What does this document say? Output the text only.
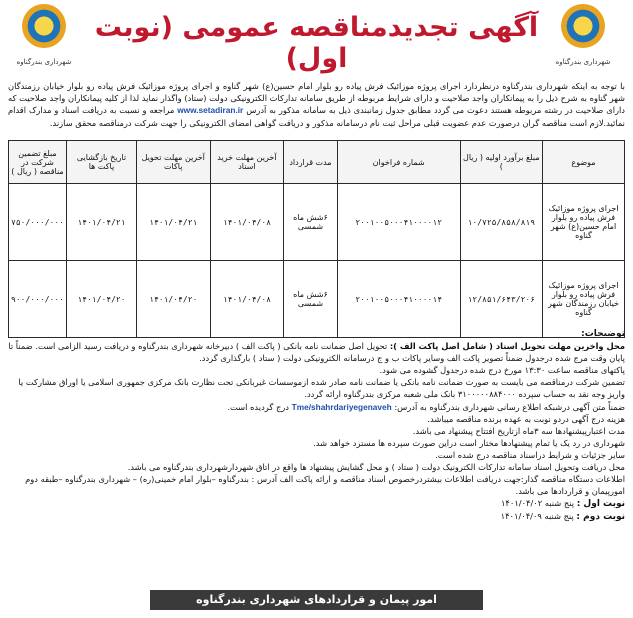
شهرداری بندرگناوه
شهرداری بندرگناوه
آگهی تجدیدمناقصه عمومی (نوبت اول)
با توجه به اینکه شهرداری بندرگناوه درنظردارد اجرای پروژه موزائیک فرش پیاده رو بلوار امام حسین(ع) شهر گناوه و اجرای پروژه موزائیک فرش پیاده رو بلوار خیابان رزمندگان شهر گناوه به شرح ذیل را به پیمانکاران واجد صلاحیت و دارای شرایط مربوطه از طریق سامانه تدارکات الکترونیکی دولت (ستاد) واگذار نماید لذا از کلیه پیمانکاران واجد صلاحیت که دارای صلاحیت در رشته مربوطه هستند دعوت می گردد مطابق جدول زمانبندی ذیل به سامانه مذکور به آدرس www.setadiran.ir مراجعه و نسبت به دریافت اسناد و مدارک اقدام نمائید.لازم است مناقصه گران درصورت عدم عضویت قبلی مراحل ثبت نام درسامانه مذکور و دریافت گواهی امضای الکترونیکی را جهت شرکت درمناقصه محقق سازند.
موضوع	مبلغ برآورد اولیه ( ریال )	شماره فراخوان	مدت قرارداد	آخرین مهلت خرید اسناد	آخرین مهلت تحویل پاکات	تاریخ بازگشایی پاکت ها	مبلغ تضمین شرکت در مناقصه ( ریال )
اجرای پروژه موزائیک فرش پیاده رو بلوار امام حسین(ع) شهر گناوه	۱۰/۷۲۵/۸۵۸/۸۱۹	۲۰۰۱۰۰۵۰۰۰۴۱۰۰۰۰۱۲	۶شش ماه شمسی	۱۴۰۱/۰۴/۰۸	۱۴۰۱/۰۴/۲۱	۱۴۰۱/۰۴/۲۱	۷۵۰/۰۰۰/۰۰۰
اجرای پروژه موزائیک فرش پیاده رو بلوار خیابان رزمندگان شهر گناوه	۱۲/۸۵۱/۶۴۳/۲۰۶	۲۰۰۱۰۰۵۰۰۰۴۱۰۰۰۰۱۴	۶شش ماه شمسی	۱۴۰۱/۰۴/۰۸	۱۴۰۱/۰۴/۲۰	۱۴۰۱/۰۴/۲۰	۹۰۰/۰۰۰/۰۰۰

توضیحات:

محل واخرین مهلت تحویل اسناد ( شامل اصل پاکت الف ): تحویل اصل ضمانت نامه بانکی ( پاکت الف ) دبیرخانه شهرداری بندرگناوه و دریافت رسید الزامی است. ضمناً تا پایان وقت مرج شده درجدول ضمناً تصویر پاکت الف وسایر پاکات ب و ج درسامانه الکترونیکی دولت ( ستاد ) بارگذاری گردد.

پاکتهای مناقصه ساعت ۱۳:۳۰ مورخ درج شده درجدول گشوده می شود.

تضمین شرکت درمناقصه می بایست به صورت ضمانت نامه بانکی یا ضمانت نامه صادر شده ازموسسات غیربانکی تحت نظارت بانک مرکزی جمهوری اسلامی یا اوراق مشارکت یا واریز وجه نقد به حساب سپرده ۳۱۰۰۰۰۰۸۸۴۰۰۰ بانک ملی شعبه مرکزی بندرگناوه ارائه گردد.

ضمناً متن آگهی درشبکه اطلاع رسانی شهرداری بندرگناوه به آدرس: Tme/shahrdariyegenaveh درج گردیده است.

هزینه درج آگهی دردو نوبت به عهده برنده مناقصه میباشد.

مدت اعتبارپیشنهادها سه ۳ماه ازتاریخ افتتاح پیشنهاد می باشد.

شهرداری در رد یک یا تمام پیشنهادها مختار است دراین صورت سپرده ها مسترد خواهد شد.

سایر جزئیات و شرایط دراسناد مناقصه درج شده است.

محل دریافت وتحویل اسناد سامانه تدارکات الکترونیک دولت ( ستاد ) و محل گشایش پیشنهاد ها واقع در اتاق شهردارشهرداری بندرگناوه می باشد.

اطلاعات دستگاه مناقصه گذار:جهت دریافت اطلاعات بیشتردرخصوص اسناد مناقصه و ارائه پاکت الف آدرس : بندرگناوه –بلوار امام خمینی(ره) – شهرداری بندرگناوه –طبقه دوم امورپیمان و قراردادها می باشد.

نوبت اول : پنج شنبه ۱۴۰۱/۰۴/۰۲

نوبت دوم : پنج شنبه ۱۴۰۱/۰۴/۰۹

امور پیمان و قراردادهای شهرداری بندرگناوه
